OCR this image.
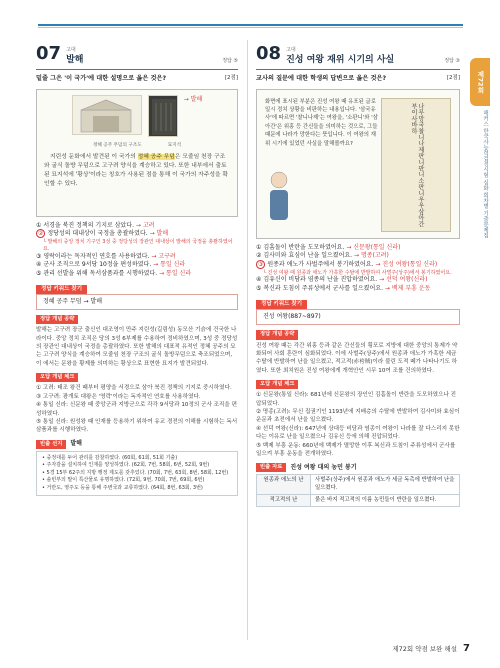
제72회
해커스 한국사능력검정시험 심화 회차별 기출문제집
07 고대
발해	정답 ⑤
밑줄 그은 '이 국가'에 대한 설명으로 옳은 것은?	[2점]
→ 발해
정혜 공주 무덤의 구조도	묘지석
지린성 둔화에서 발견된 이 국가의 정혜 공주 무덤은 모줄임 천장 구조와 굴식 돌방 무덤으로 고구려 양식을 계승하고 있다. 또한 내부에서 출토된 묘지석에 '황상'이라는 칭호가 사용된 점을 통해 이 국가의 자주성을 확인할 수 있다.
① 서경을 북진 정책의 기지로 삼았다. → 고려
② 정당성의 대내상이 국정을 총괄하였다. → 발해
└ 발해의 중앙 정치 기구인 3성 중 정당성의 장관인 대내상이 발해의 국정을 총괄하였어요.
③ 영락이라는 독자적인 연호를 사용하였다. → 고구려
④ 군사 조직으로 9서당 10정을 편성하였다. → 통일 신라
⑤ 관리 선발을 위해 독서삼품과를 시행하였다. → 통일 신라
정답 키워드 찾기
정혜 공주 무덤 → 발해
정답 개념 공략
발해는 고구려 장군 출신인 대조영이 만주 지린성(길림성) 동모산 기슭에 건국한 나라이다. 중앙 정치 조직은 당의 3성 6부제를 수용하여 정비하였으며, 3성 중 정당성의 장관인 대내상이 국정을 총괄하였다. 또한 발해의 대표적 유적인 정혜 공주의 묘는 고구려 양식을 계승하여 모줄임 천장 구조의 굴식 돌방무덤으로 축조되었으며, 이 에서는 문왕을 황제를 의미하는 황상으로 표현한 묘지가 발견되었다.
오답 개념 체크
① 고려: 태조 왕건 때부터 평양을 서경으로 삼아 북진 정책의 기지로 중시하였다.
③ 고구려: 광개토 대왕은 '영락'이라는 독자적인 연호를 사용하였다.
④ 통일 신라: 신문왕 때 중앙군과 지방군으로 각각 9서당과 10정의 군사 조직을 편성하였다.
⑤ 통일 신라: 원성왕 때 인재를 등용하기 위하여 유교 경전의 이해를 시험하는 독서삼품과를 시행하였다.
빈출 선지	발해
• 중정대를 두어 관리를 감찰하였다. (60회, 61회, 51회 기출)
• 주자감을 설치하여 인재를 양성하였다. (62회, 7번, 58회, 6번, 52회, 9번)
• 5경 15부 62주의 지방 행정 제도를 갖추었다. (70회, 7번, 63회, 8번, 58회, 12번)
• 솔빈부의 말이 특산물로 유명하였다. (72회, 9번, 70회, 7번, 69회, 6번)
• 거란도, 영주도 등을 통해 주변국과 교류하였다. (64회, 8번, 63회, 3번)
08 고대
진성 여왕 재위 시기의 사실	정답 ③
교사의 질문에 대한 학생의 답변으로 옳은 것은?	[2점]
화면에 표시된 부분은 진성 여왕 때 유포된 글로 일시 정치 상황을 비판하는 내용입니다. '삼국유사'에 따르면 '찰니나제'는 여왕을, '소판니'와 '삼아간'은 위홍 등 간신들을 의미하는 것으로, 그들 때문에 나라가 망한다는 뜻입니다. 이 여왕의 재위 시기에 있었던 사실을 말해볼까요?	나무망국찰니나제판니판니소판니우우삼아간부이사바하
① 김흠돌이 반란을 도모하였어요. → 신문왕(통일 신라)
② 김사미와 효심이 난을 일으켰어요. → 명종(고려)
③ 원종과 애노가 사벌주에서 봉기하였어요. → 진성 여왕(통일 신라)
└ 진성 여왕 때 원종과 애노가 가혹한 수탈에 반발하여 사벌주(상주)에서 봉기하였어요.
④ 김유신이 비담과 염종의 난을 진압하였어요. → 선덕 여왕(신라)
⑤ 복신과 도침이 주류성에서 군사를 일으켰어요. → 백제 부흥 운동
정답 키워드 찾기
진성 여왕(887~897)
정답 개념 공략
진성 여왕 때는 각간 위홍 등과 같은 간신들의 횡포로 지방에 대한 중앙의 통제가 약화되어 사회 혼란이 심화되었다. 이에 사벌주(상주)에서 원종과 애노가 가혹한 세금 수탈에 반발하여 난을 일으켰고, 적고적(赤袴賊)이라 불린 도적 떼가 나타나기도 하였다. 또한 최치원은 진성 여왕에게 개혁안인 시무 10여 조를 건의하였다.
오답 개념 체크
① 신문왕(통일 신라): 681년에 신문왕의 장인인 김흠돌이 반란을 도모하였으나 진압되었다.
② 명종(고려): 무신 집권기인 1193년에 지배층의 수탈에 반발하여 김사미와 효심이 운문과 초전에서 난을 일으켰다.
④ 선덕 여왕(신라): 647년에 상대등 비담과 염종이 여왕이 나라를 잘 다스리지 못한다는 이유로 난을 일으켰으나 김유신 등에 의해 진압되었다.
⑤ 백제 부흥 운동: 660년에 백제가 멸망한 이후 복신과 도침이 주류성에서 군사를 일으켜 부흥 운동을 전개하였다.
빈출 자료	진성 여왕 대의 농민 봉기
원종과 애노의 난	사벌주(상주)에서 원종과 애노가 세금 독촉에 반발하여 난을 일으켰다.
적고적의 난	붉은 바지 적고적의 이름 농민들이 반란을 일으켰다.
제72회 약점 보완 해설 7
